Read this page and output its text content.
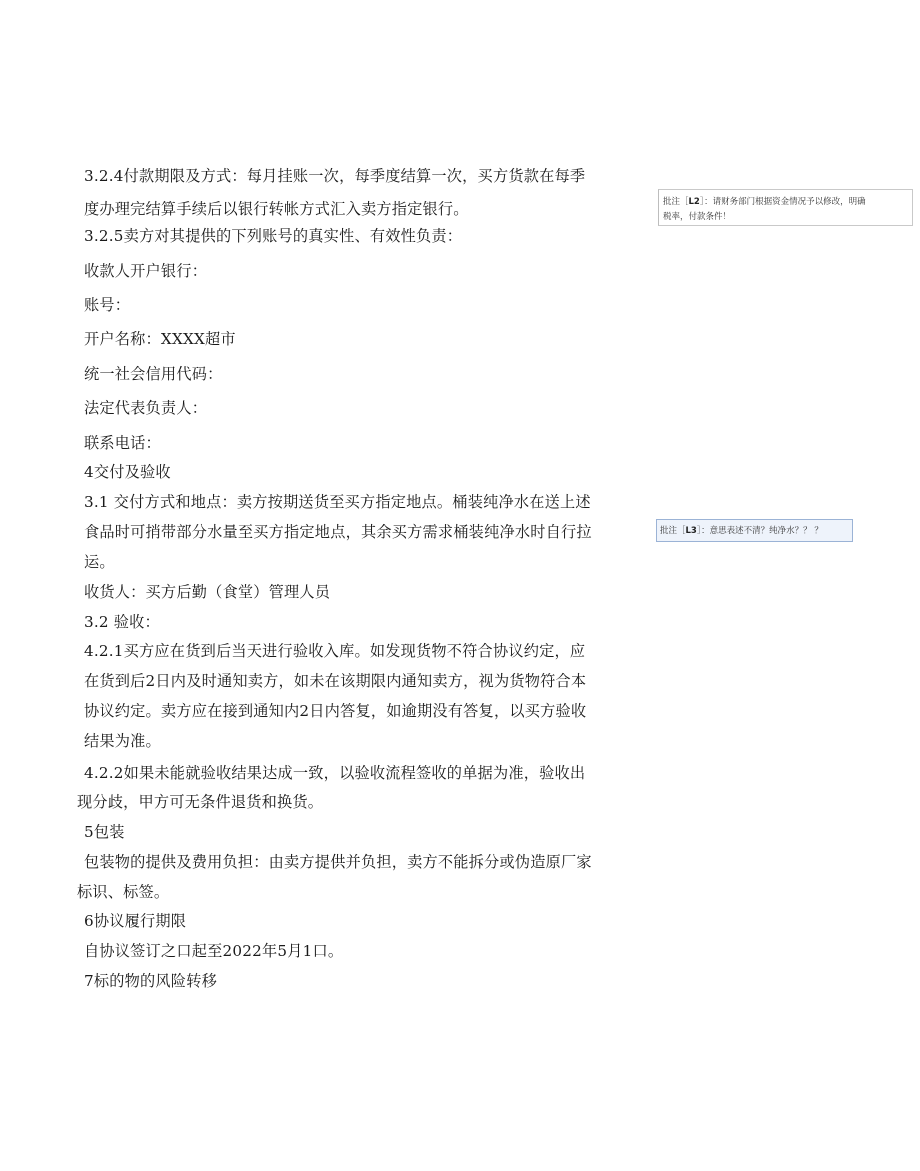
3.2.4付款期限及方式：每月挂账一次，每季度结算一次，买方货款在每季

度办理完结算手续后以银行转帐方式汇入卖方指定银行。

3.2.5卖方对其提供的下列账号的真实性、有效性负责：

收款人开户银行：

账号：

开户名称：XXXX超市

统一社会信用代码：

法定代表负责人：

联系电话：

4交付及验收

3.1 交付方式和地点：卖方按期送货至买方指定地点。桶装纯净水在送上述

食品时可捎带部分水量至买方指定地点，其余买方需求桶装纯净水时自行拉

运。

收货人：买方后勤（食堂）管理人员

3.2 验收：

4.2.1买方应在货到后当天进行验收入库。如发现货物不符合协议约定，应

在货到后2日内及时通知卖方，如未在该期限内通知卖方，视为货物符合本

协议约定。卖方应在接到通知内2日内答复，如逾期没有答复，以买方验收

结果为准。

4.2.2如果未能就验收结果达成一致，以验收流程签收的单据为准，验收出

现分歧，甲方可无条件退货和换货。

5包装

包装物的提供及费用负担：由卖方提供并负担，卖方不能拆分或伪造原厂家

标识、标签。

6协议履行期限

自协议签订之口起至2022年5月1口。

7标的物的风险转移

批注［L2］：请财务部门根据资金情况予以修改，明确
税率，付款条件！
批注［L3］：意思表述不清？纯净水？？ ？
